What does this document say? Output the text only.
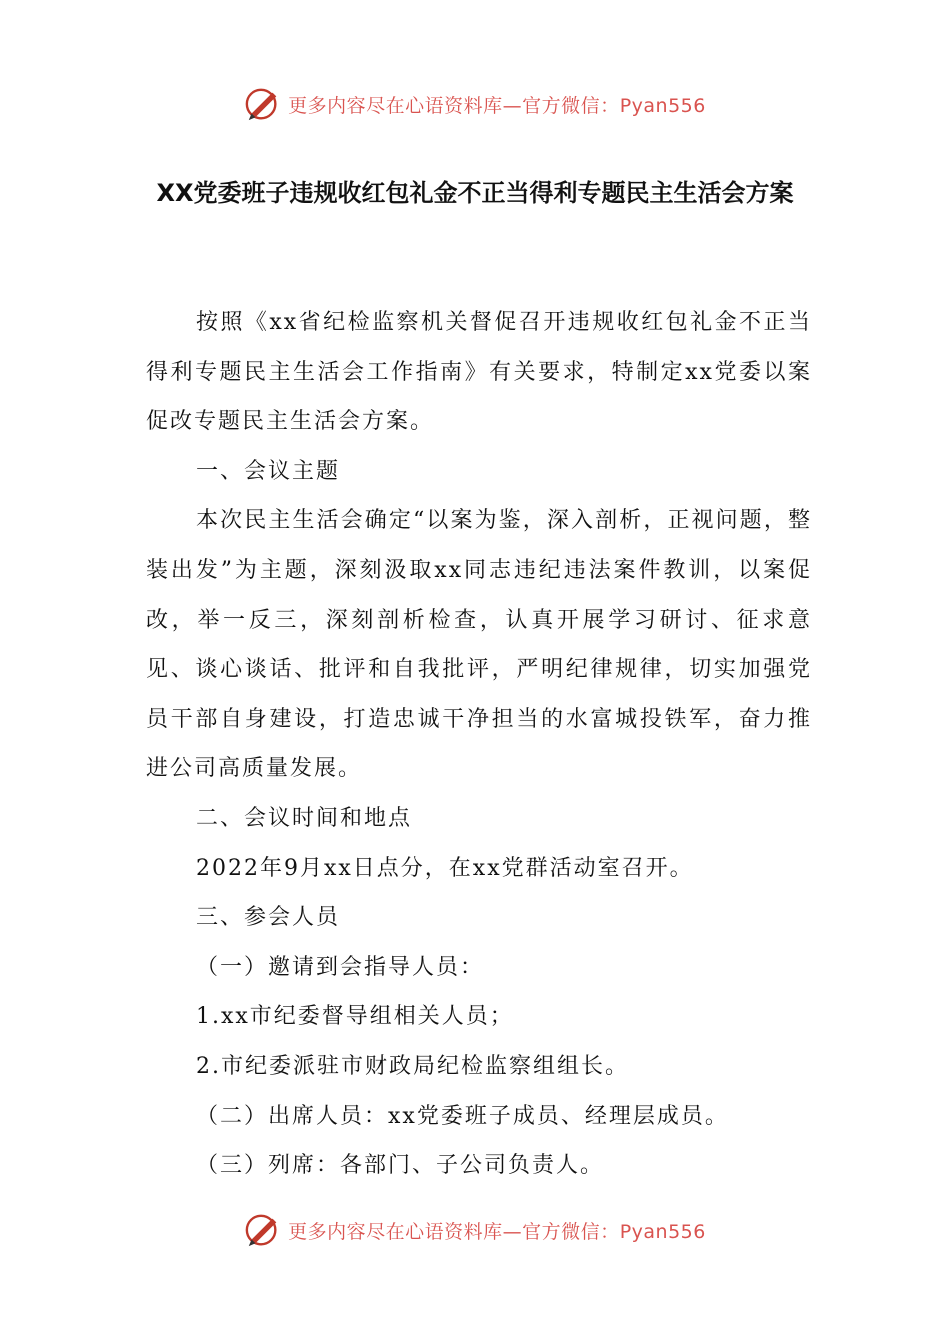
更多内容尽在心语资料库—官方微信：Pyan556
XX党委班子违规收红包礼金不正当得利专题民主生活会方案

按照《xx省纪检监察机关督促召开违规收红包礼金不正当得利专题民主生活会工作指南》有关要求，特制定xx党委以案促改专题民主生活会方案。

一、会议主题

本次民主生活会确定“以案为鉴，深入剖析，正视问题，整装出发”为主题，深刻汲取xx同志违纪违法案件教训，以案促改，举一反三，深刻剖析检查，认真开展学习研讨、征求意见、谈心谈话、批评和自我批评，严明纪律规律，切实加强党员干部自身建设，打造忠诚干净担当的水富城投铁军，奋力推进公司高质量发展。

二、会议时间和地点

2022年9月xx日点分，在xx党群活动室召开。

三、参会人员

（一）邀请到会指导人员：

1.xx市纪委督导组相关人员；

2.市纪委派驻市财政局纪检监察组组长。

（二）出席人员：xx党委班子成员、经理层成员。

（三）列席：各部门、子公司负责人。

更多内容尽在心语资料库—官方微信：Pyan556
